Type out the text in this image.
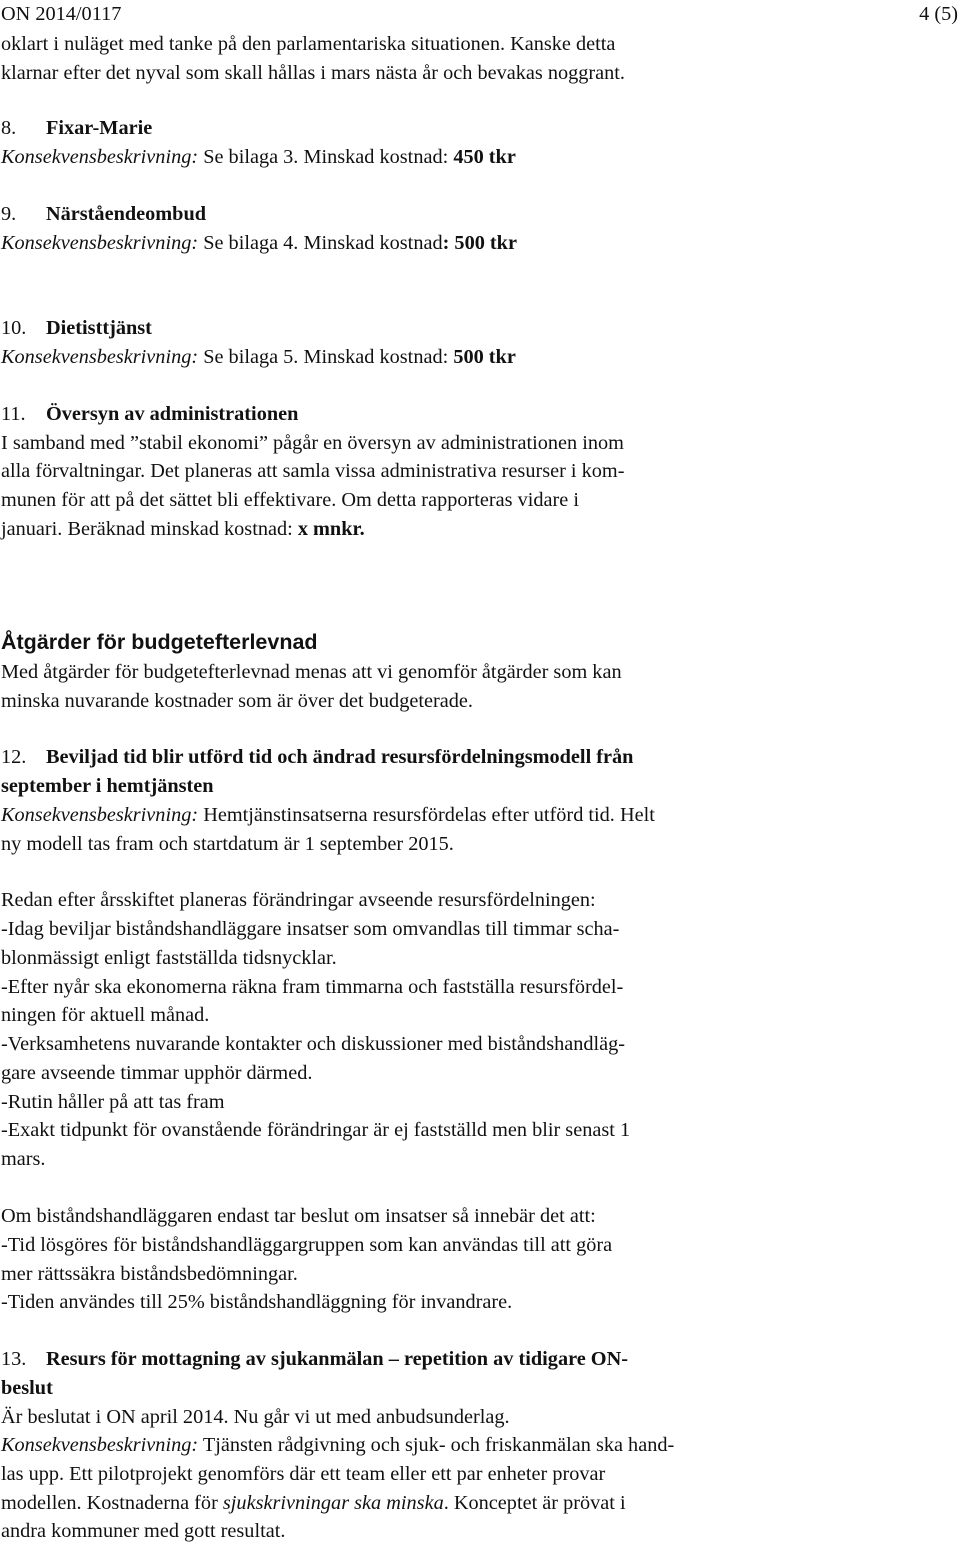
ON 2014/0117	4 (5)
oklart i nuläget med tanke på den parlamentariska situationen. Kanske detta
klarnar efter det nyval som skall hållas i mars nästa år och bevakas noggrant.
8. Fixar-Marie
Konsekvensbeskrivning: Se bilaga 3. Minskad kostnad: 450 tkr
9. Närståendeombud
Konsekvensbeskrivning: Se bilaga 4. Minskad kostnad: 500 tkr
10. Dietisttjänst
Konsekvensbeskrivning: Se bilaga 5. Minskad kostnad: 500 tkr
11. Översyn av administrationen
I samband med ”stabil ekonomi” pågår en översyn av administrationen inom
alla förvaltningar. Det planeras att samla vissa administrativa resurser i kom-
munen för att på det sättet bli effektivare. Om detta rapporteras vidare i
januari. Beräknad minskad kostnad: x mnkr.
Åtgärder för budgetefterlevnad
Med åtgärder för budgetefterlevnad menas att vi genomför åtgärder som kan
minska nuvarande kostnader som är över det budgeterade.
12. Beviljad tid blir utförd tid och ändrad resursfördelningsmodell från
september i hemtjänsten
Konsekvensbeskrivning: Hemtjänstinsatserna resursfördelas efter utförd tid. Helt
ny modell tas fram och startdatum är 1 september 2015.
Redan efter årsskiftet planeras förändringar avseende resursfördelningen:
-Idag beviljar biståndshandläggare insatser som omvandlas till timmar scha-
blonmässigt enligt fastställda tidsnycklar.
-Efter nyår ska ekonomerna räkna fram timmarna och fastställa resursfördel-
ningen för aktuell månad.
-Verksamhetens nuvarande kontakter och diskussioner med biståndshandläg-
gare avseende timmar upphör därmed.
-Rutin håller på att tas fram
-Exakt tidpunkt för ovanstående förändringar är ej fastställd men blir senast 1
mars.
Om biståndshandläggaren endast tar beslut om insatser så innebär det att:
-Tid lösgöres för biståndshandläggargruppen som kan användas till att göra
mer rättssäkra biståndsbedömningar.
-Tiden användes till 25% biståndshandläggning för invandrare.
13. Resurs för mottagning av sjukanmälan – repetition av tidigare ON-
beslut
Är beslutat i ON april 2014. Nu går vi ut med anbudsunderlag.
Konsekvensbeskrivning: Tjänsten rådgivning och sjuk- och friskanmälan ska hand-
las upp. Ett pilotprojekt genomförs där ett team eller ett par enheter provar
modellen. Kostnaderna för sjukskrivningar ska minska. Konceptet är prövat i
andra kommuner med gott resultat.
